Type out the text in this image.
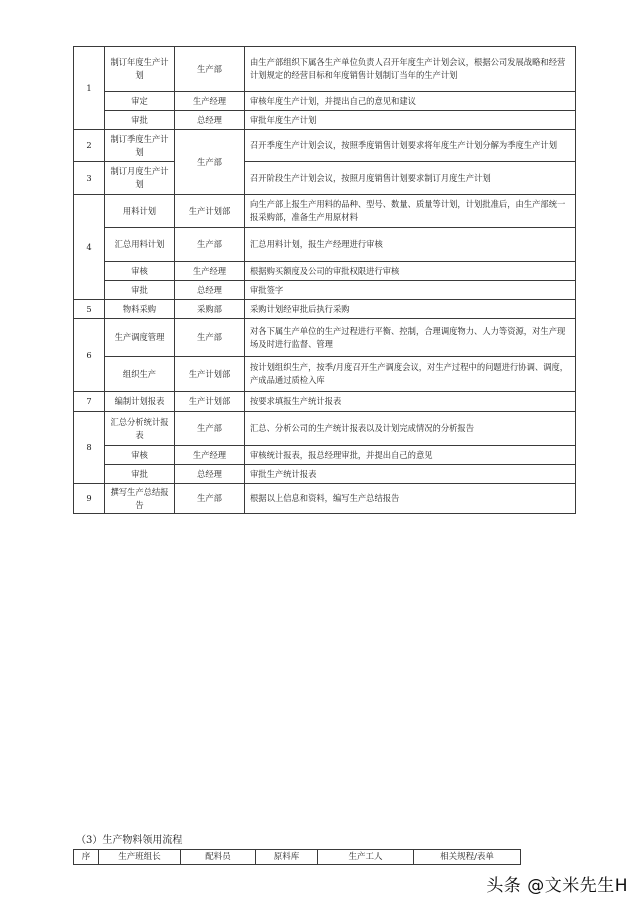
1	制订年度生产计划	生产部	由生产部组织下属各生产单位负责人召开年度生产计划会议，根据公司发展战略和经营计划规定的经营目标和年度销售计划制订当年的生产计划
	审定	生产经理	审核年度生产计划，并提出自己的意见和建议
	审批	总经理	审批年度生产计划
2	制订季度生产计划	生产部	召开季度生产计划会议，按照季度销售计划要求将年度生产计划分解为季度生产计划
3	制订月度生产计划		召开阶段生产计划会议，按照月度销售计划要求制订月度生产计划
4	用料计划	生产计划部	向生产部上报生产用料的品种、型号、数量、质量等计划，计划批准后，由生产部统一报采购部，准备生产用原材料
	汇总用料计划	生产部	汇总用料计划，报生产经理进行审核
	审核	生产经理	根据购买额度及公司的审批权限进行审核
	审批	总经理	审批签字
5	物料采购	采购部	采购计划经审批后执行采购
6	生产调度管理	生产部	对各下属生产单位的生产过程进行平衡、控制，合理调度物力、人力等资源，对生产现场及时进行监督、管理
	组织生产	生产计划部	按计划组织生产，按季/月度召开生产调度会议，对生产过程中的问题进行协调、调度，产成品通过质检入库
7	编制计划报表	生产计划部	按要求填报生产统计报表
8	汇总分析统计报表	生产部	汇总、分析公司的生产统计报表以及计划完成情况的分析报告
	审核	生产经理	审核统计报表，报总经理审批，并提出自己的意见
	审批	总经理	审批生产统计报表
9	撰写生产总结报告	生产部	根据以上信息和资料，编写生产总结报告
（3）生产物料领用流程
序	生产班组长	配料员	原料库	生产工人	相关规程/表单
头条 @文米先生H
